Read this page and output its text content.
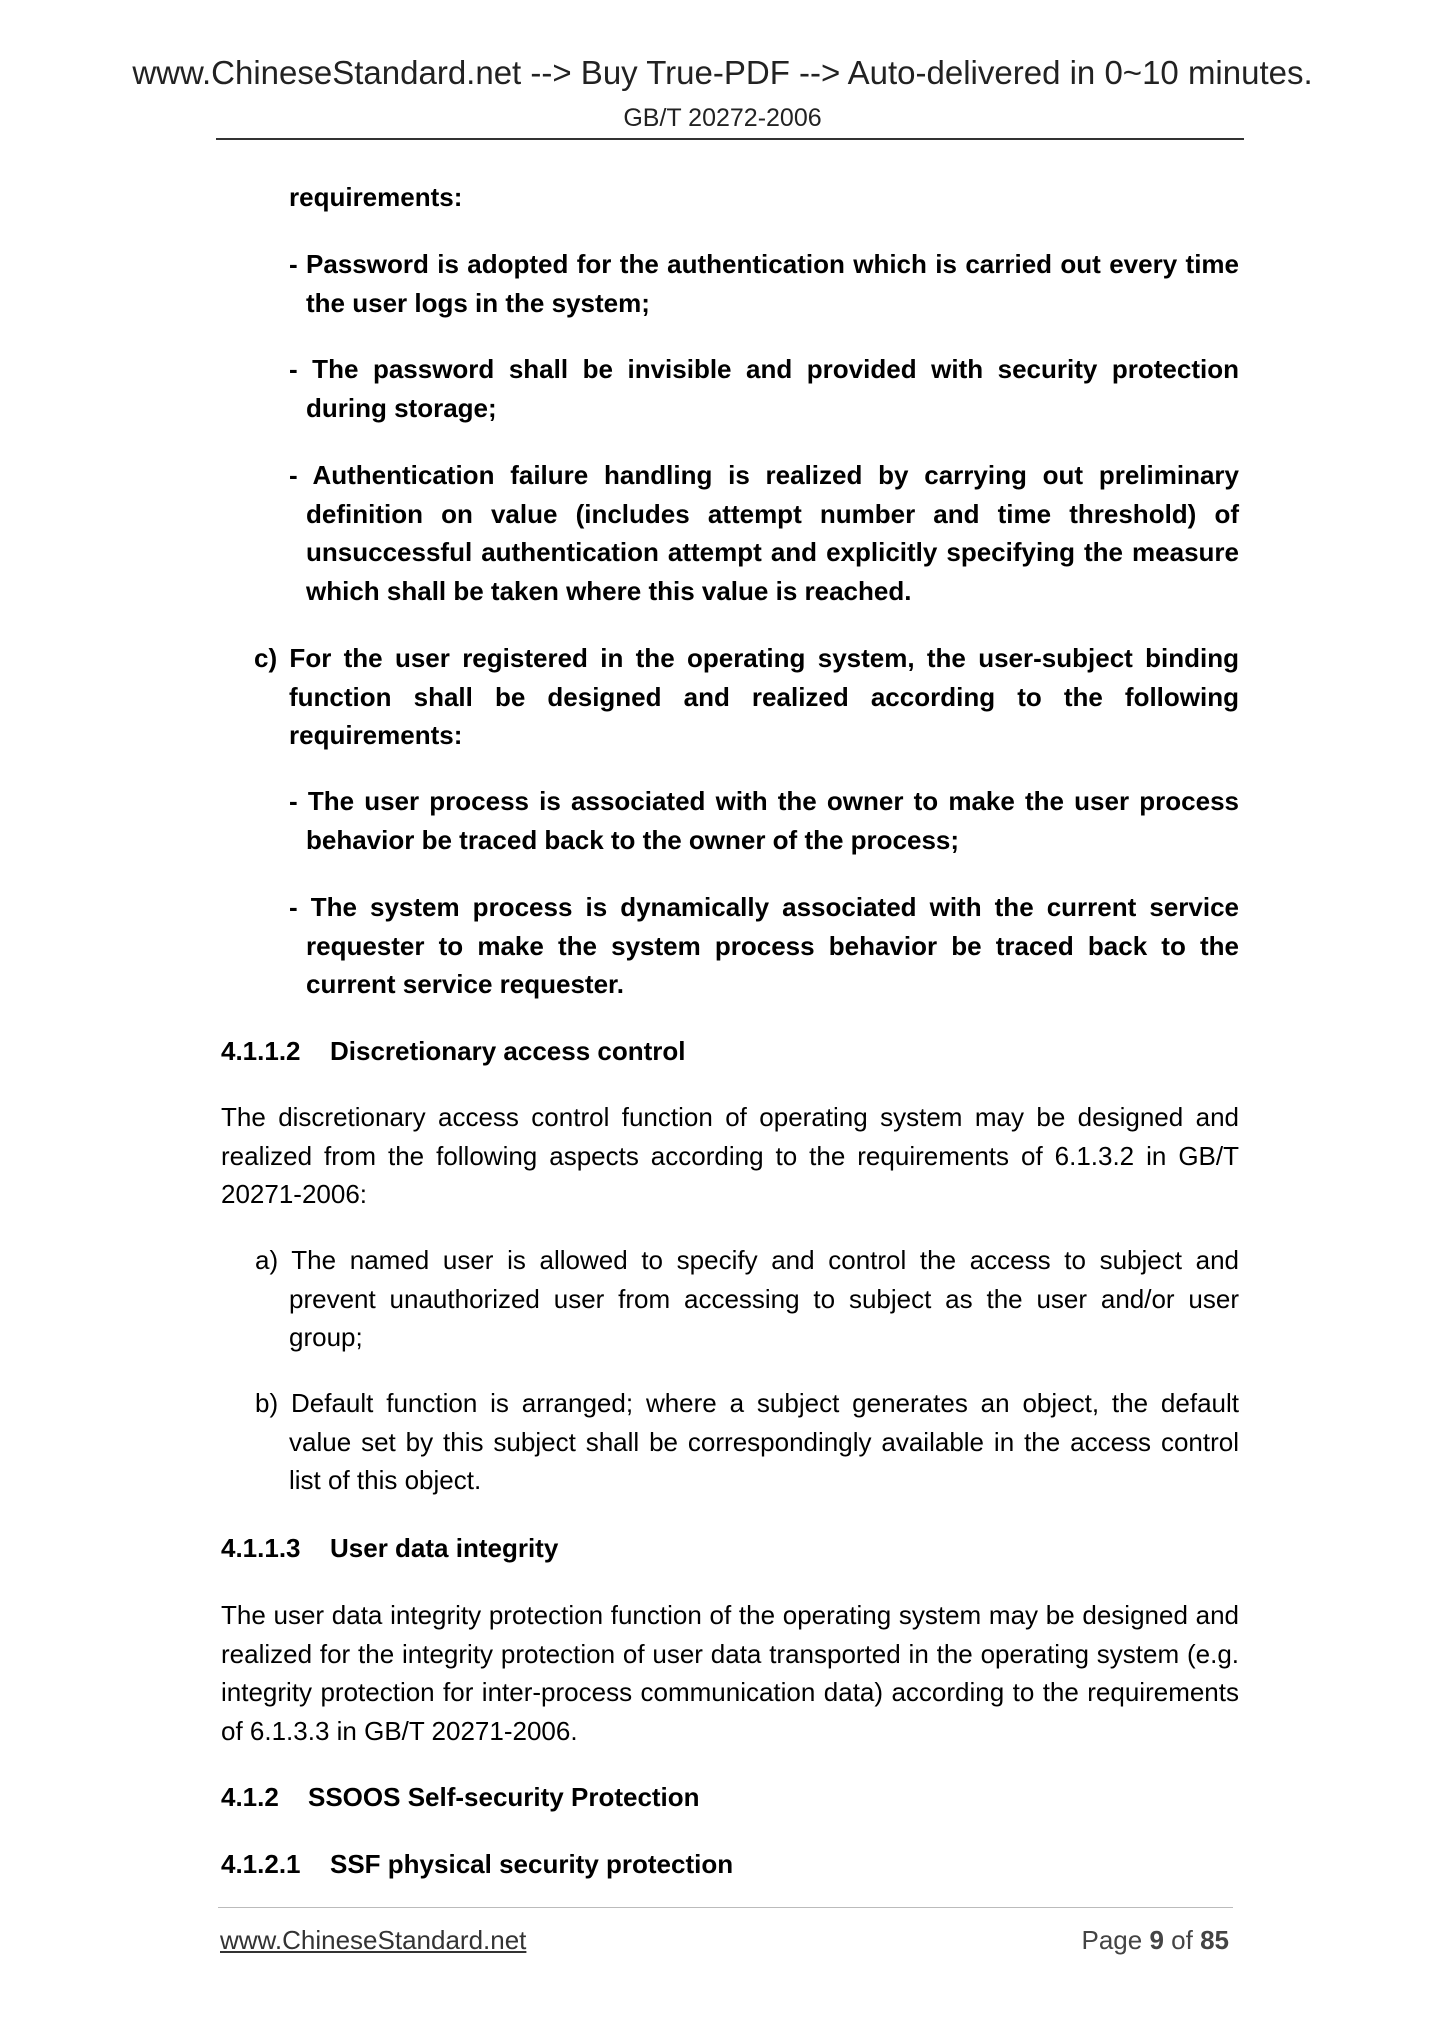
www.ChineseStandard.net --> Buy True-PDF --> Auto-delivered in 0~10 minutes.
GB/T 20272-2006

requirements:

- Password is adopted for the authentication which is carried out every time the user logs in the system;

- The password shall be invisible and provided with security protection during storage;

- Authentication failure handling is realized by carrying out preliminary definition on value (includes attempt number and time threshold) of unsuccessful authentication attempt and explicitly specifying the measure which shall be taken where this value is reached.

c) For the user registered in the operating system, the user-subject binding function shall be designed and realized according to the following requirements:

- The user process is associated with the owner to make the user process behavior be traced back to the owner of the process;

- The system process is dynamically associated with the current service requester to make the system process behavior be traced back to the current service requester.

4.1.1.2 Discretionary access control

The discretionary access control function of operating system may be designed and realized from the following aspects according to the requirements of 6.1.3.2 in GB/T 20271-2006:

a) The named user is allowed to specify and control the access to subject and prevent unauthorized user from accessing to subject as the user and/or user group;

b) Default function is arranged; where a subject generates an object, the default value set by this subject shall be correspondingly available in the access control list of this object.

4.1.1.3 User data integrity

The user data integrity protection function of the operating system may be designed and realized for the integrity protection of user data transported in the operating system (e.g. integrity protection for inter-process communication data) according to the requirements of 6.1.3.3 in GB/T 20271-2006.

4.1.2 SSOOS Self-security Protection
4.1.2.1 SSF physical security protection
www.ChineseStandard.net	Page 9 of 85
